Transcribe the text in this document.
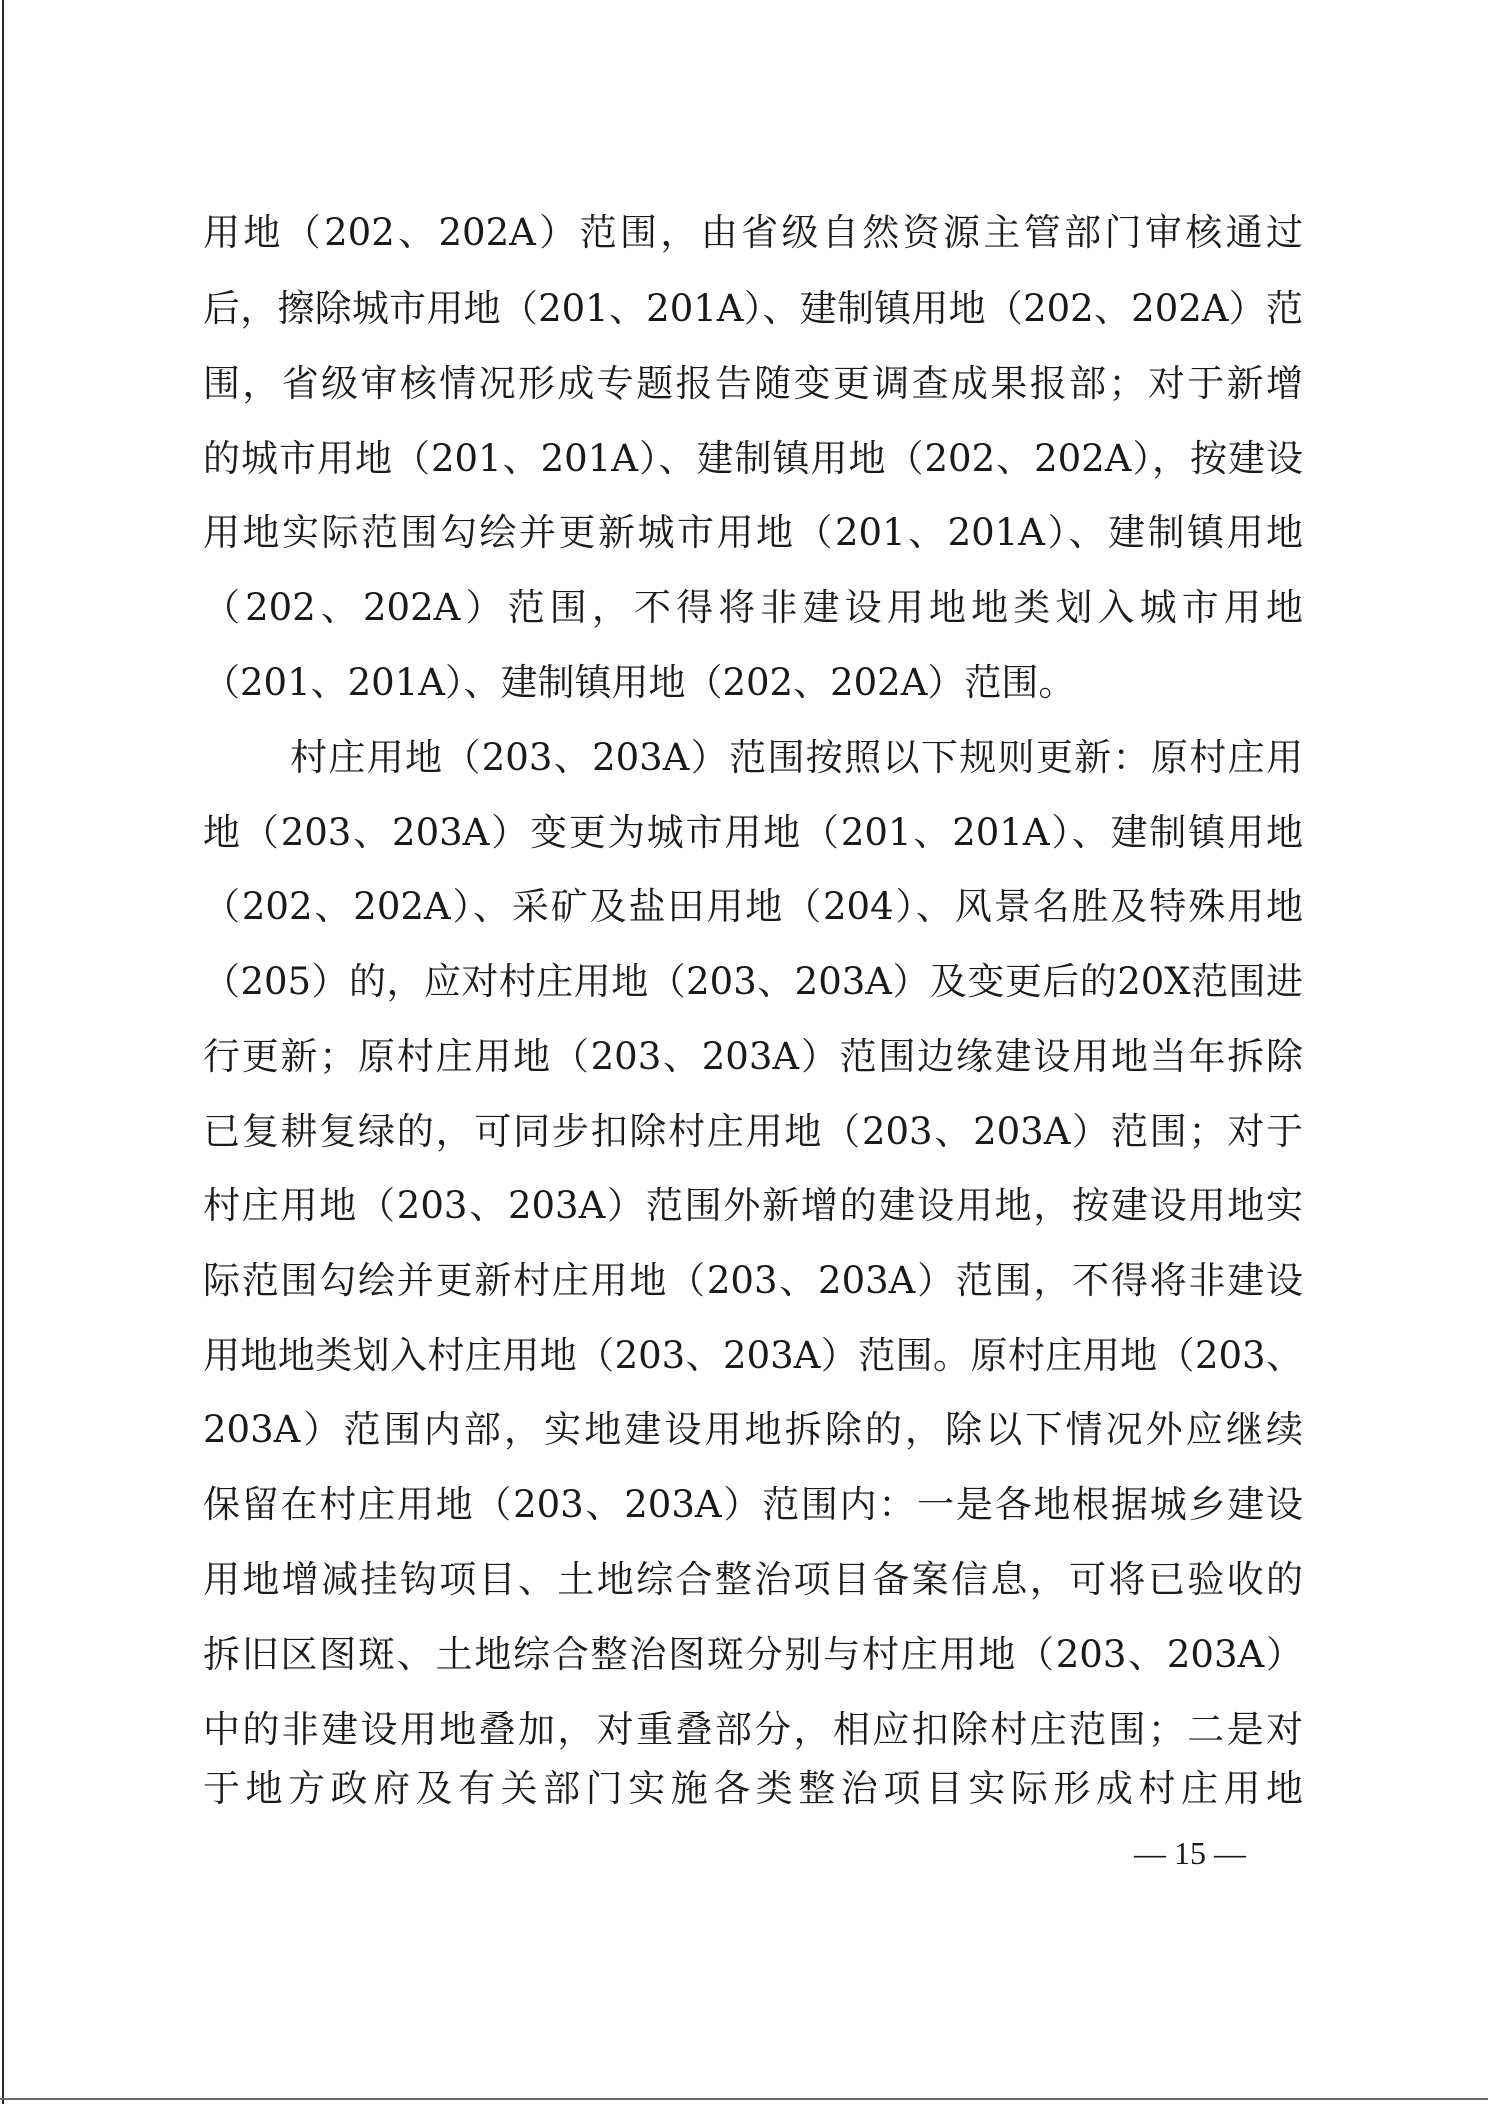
用地（202、202A）范围，由省级自然资源主管部门审核通过
后，擦除城市用地（201、201A）、建制镇用地（202、202A）范
围，省级审核情况形成专题报告随变更调查成果报部；对于新增
的城市用地（201、201A）、建制镇用地（202、202A），按建设
用地实际范围勾绘并更新城市用地（201、201A）、建制镇用地
（202、202A）范围，不得将非建设用地地类划入城市用地
（201、201A）、建制镇用地（202、202A）范围。
村庄用地（203、203A）范围按照以下规则更新：原村庄用
地（203、203A）变更为城市用地（201、201A）、建制镇用地
（202、202A）、采矿及盐田用地（204）、风景名胜及特殊用地
（205）的，应对村庄用地（203、203A）及变更后的20X范围进
行更新；原村庄用地（203、203A）范围边缘建设用地当年拆除
已复耕复绿的，可同步扣除村庄用地（203、203A）范围；对于
村庄用地（203、203A）范围外新增的建设用地，按建设用地实
际范围勾绘并更新村庄用地（203、203A）范围，不得将非建设
用地地类划入村庄用地（203、203A）范围。原村庄用地（203、
203A）范围内部，实地建设用地拆除的，除以下情况外应继续
保留在村庄用地（203、203A）范围内：一是各地根据城乡建设
用地增减挂钩项目、土地综合整治项目备案信息，可将已验收的
拆旧区图斑、土地综合整治图斑分别与村庄用地（203、203A）
中的非建设用地叠加，对重叠部分，相应扣除村庄范围；二是对
于地方政府及有关部门实施各类整治项目实际形成村庄用地
— 15 —
